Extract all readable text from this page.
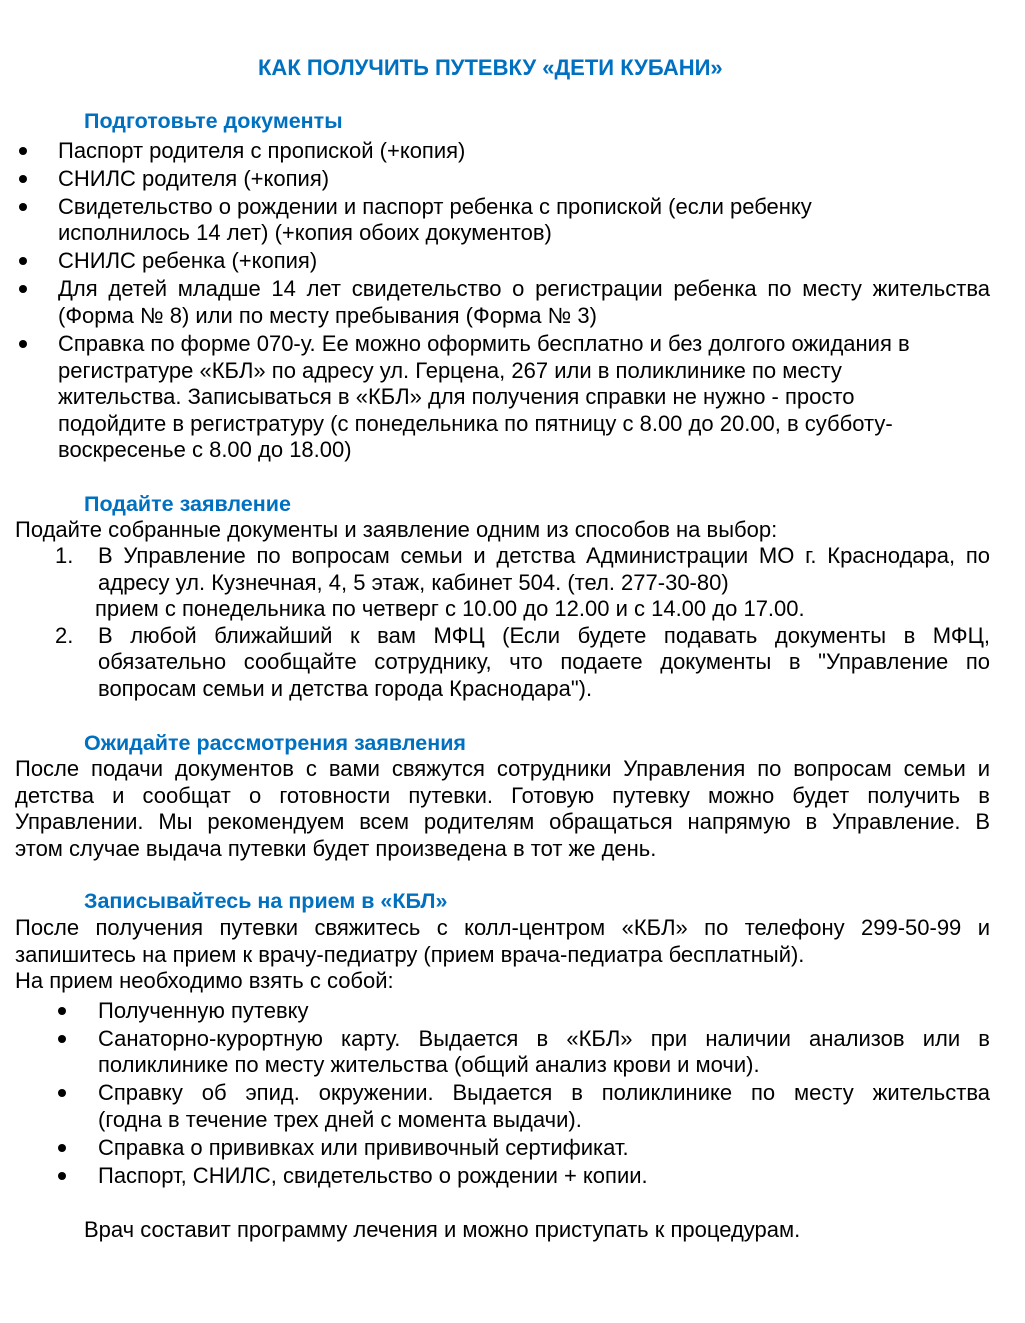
КАК ПОЛУЧИТЬ ПУТЕВКУ «ДЕТИ КУБАНИ»
Подготовьте документы
Паспорт родителя с пропиской (+копия)
СНИЛС родителя (+копия)
Свидетельство о рождении и паспорт ребенка с пропиской (если ребенку
исполнилось 14 лет) (+копия обоих документов)
СНИЛС ребенка (+копия)
Для детей младше 14 лет свидетельство о регистрации ребенка по месту жительства
(Форма № 8) или по месту пребывания (Форма № 3)
Справка по форме 070-у. Ее можно оформить бесплатно и без долгого ожидания в
регистратуре «КБЛ» по адресу ул. Герцена, 267 или в поликлинике по месту
жительства. Записываться в «КБЛ» для получения справки не нужно - просто
подойдите в регистратуру (с понедельника по пятницу с 8.00 до 20.00, в субботу-
воскресенье с 8.00 до 18.00)
Подайте заявление
Подайте собранные документы и заявление одним из способов на выбор:
1. В Управление по вопросам семьи и детства Администрации МО г. Краснодара, по
адресу ул. Кузнечная, 4, 5 этаж, кабинет 504. (тел. 277-30-80)
прием с понедельника по четверг с 10.00 до 12.00 и с 14.00 до 17.00.
2. В любой ближайший к вам МФЦ (Если будете подавать документы в МФЦ,
обязательно сообщайте сотруднику, что подаете документы в "Управление по
вопросам семьи и детства города Краснодара").
Ожидайте рассмотрения заявления
После подачи документов с вами свяжутся сотрудники Управления по вопросам семьи и
детства и сообщат о готовности путевки. Готовую путевку можно будет получить в
Управлении. Мы рекомендуем всем родителям обращаться напрямую в Управление. В
этом случае выдача путевки будет произведена в тот же день.
Записывайтесь на прием в «КБЛ»
После получения путевки свяжитесь с колл-центром «КБЛ» по телефону 299-50-99 и
запишитесь на прием к врачу-педиатру (прием врача-педиатра бесплатный).
На прием необходимо взять с собой:
Полученную путевку
Санаторно-курортную карту. Выдается в «КБЛ» при наличии анализов или в
поликлинике по месту жительства (общий анализ крови и мочи).
Справку об эпид. окружении. Выдается в поликлинике по месту жительства
(годна в течение трех дней с момента выдачи).
Справка о прививках или прививочный сертификат.
Паспорт, СНИЛС, свидетельство о рождении + копии.
Врач составит программу лечения и можно приступать к процедурам.
